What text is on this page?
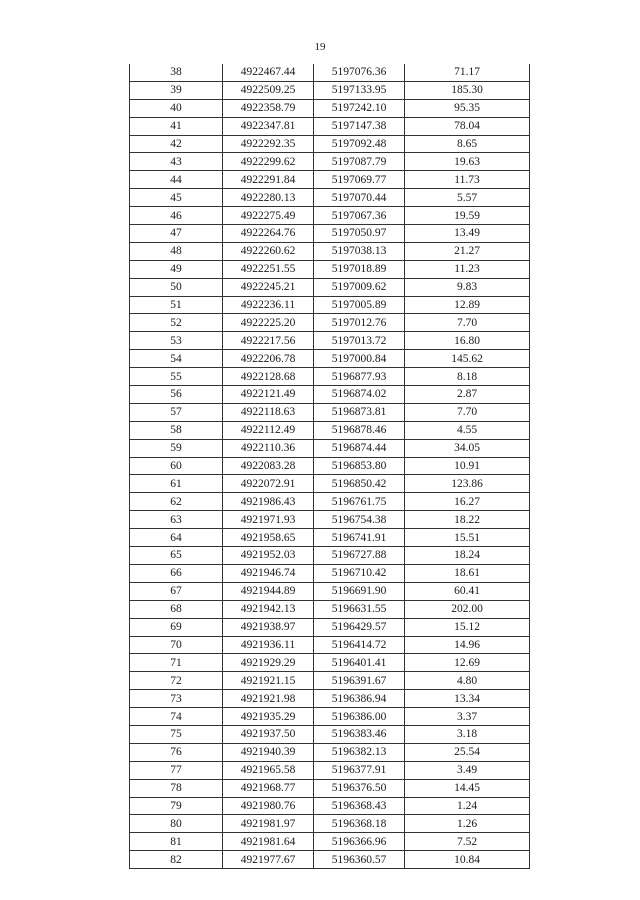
19
38	4922467.44	5197076.36	71.17
39	4922509.25	5197133.95	185.30
40	4922358.79	5197242.10	95.35
41	4922347.81	5197147.38	78.04
42	4922292.35	5197092.48	8.65
43	4922299.62	5197087.79	19.63
44	4922291.84	5197069.77	11.73
45	4922280.13	5197070.44	5.57
46	4922275.49	5197067.36	19.59
47	4922264.76	5197050.97	13.49
48	4922260.62	5197038.13	21.27
49	4922251.55	5197018.89	11.23
50	4922245.21	5197009.62	9.83
51	4922236.11	5197005.89	12.89
52	4922225.20	5197012.76	7.70
53	4922217.56	5197013.72	16.80
54	4922206.78	5197000.84	145.62
55	4922128.68	5196877.93	8.18
56	4922121.49	5196874.02	2.87
57	4922118.63	5196873.81	7.70
58	4922112.49	5196878.46	4.55
59	4922110.36	5196874.44	34.05
60	4922083.28	5196853.80	10.91
61	4922072.91	5196850.42	123.86
62	4921986.43	5196761.75	16.27
63	4921971.93	5196754.38	18.22
64	4921958.65	5196741.91	15.51
65	4921952.03	5196727.88	18.24
66	4921946.74	5196710.42	18.61
67	4921944.89	5196691.90	60.41
68	4921942.13	5196631.55	202.00
69	4921938.97	5196429.57	15.12
70	4921936.11	5196414.72	14.96
71	4921929.29	5196401.41	12.69
72	4921921.15	5196391.67	4.80
73	4921921.98	5196386.94	13.34
74	4921935.29	5196386.00	3.37
75	4921937.50	5196383.46	3.18
76	4921940.39	5196382.13	25.54
77	4921965.58	5196377.91	3.49
78	4921968.77	5196376.50	14.45
79	4921980.76	5196368.43	1.24
80	4921981.97	5196368.18	1.26
81	4921981.64	5196366.96	7.52
82	4921977.67	5196360.57	10.84
